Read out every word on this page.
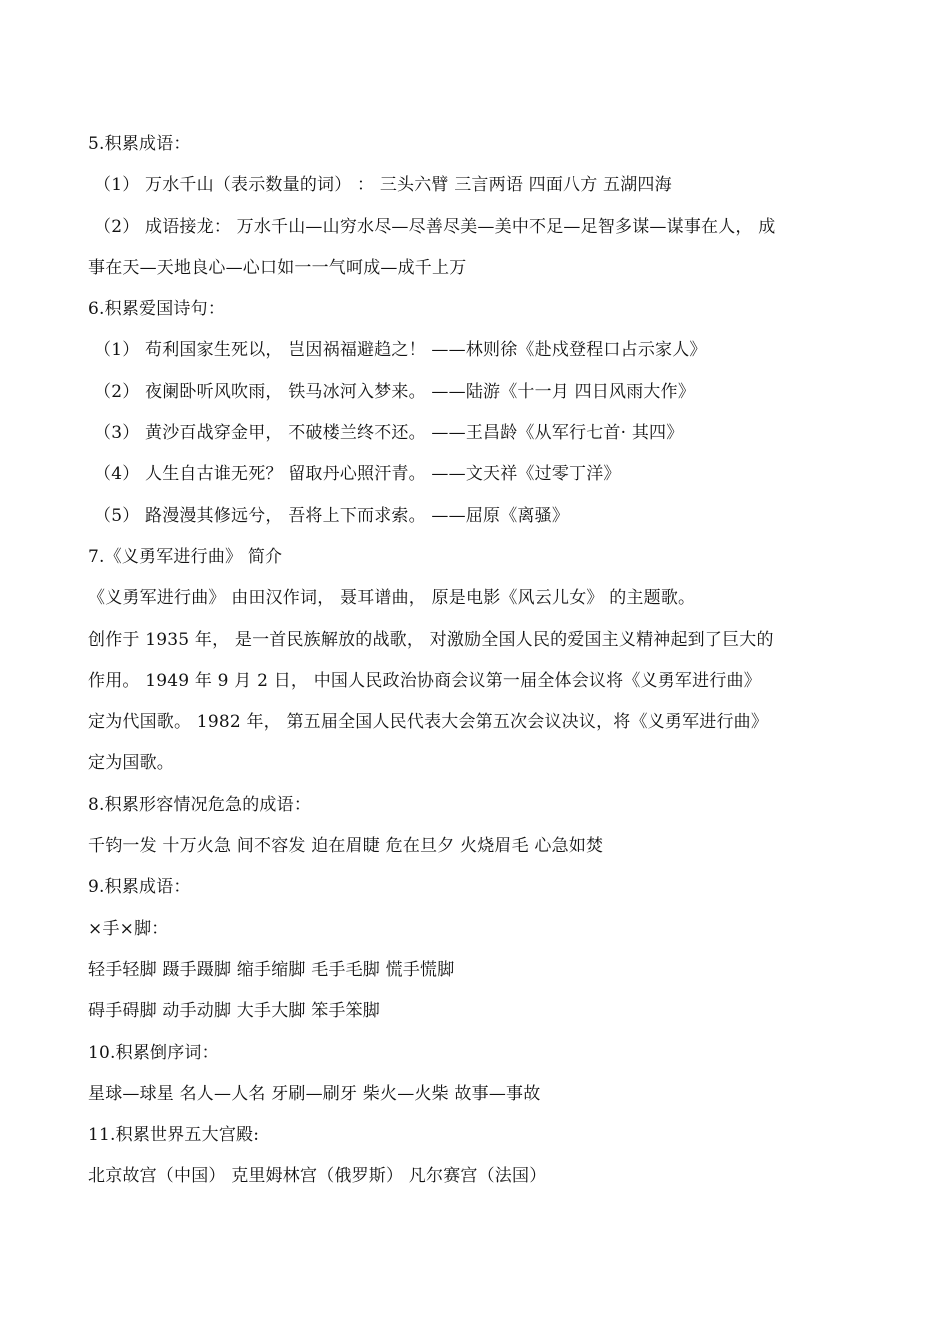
5.积累成语：
（1） 万水千山（表示数量的词） ： 三头六臂 三言两语 四面八方 五湖四海
（2） 成语接龙： 万水千山—山穷水尽—尽善尽美—美中不足—足智多谋—谋事在人， 成
事在天—天地良心—心口如一一气呵成—成千上万
6.积累爱国诗句：
（1） 苟利国家生死以， 岂因祸福避趋之！ ——林则徐《赴戍登程口占示家人》
（2） 夜阑卧听风吹雨， 铁马冰河入梦来。 ——陆游《十一月 四日风雨大作》
（3） 黄沙百战穿金甲， 不破楼兰终不还。 ——王昌龄《从军行七首· 其四》
（4） 人生自古谁无死？ 留取丹心照汗青。 ——文天祥《过零丁洋》
（5） 路漫漫其修远兮， 吾将上下而求索。 ——屈原《离骚》
7.《义勇军进行曲》 简介
《义勇军进行曲》 由田汉作词， 聂耳谱曲， 原是电影《风云儿女》 的主题歌。
创作于 1935 年， 是一首民族解放的战歌， 对激励全国人民的爱国主义精神起到了巨大的
作用。 1949 年 9 月 2 日， 中国人民政治协商会议第一届全体会议将《义勇军进行曲》
定为代国歌。 1982 年， 第五届全国人民代表大会第五次会议决议，将《义勇军进行曲》
定为国歌。
8.积累形容情况危急的成语：
千钧一发 十万火急 间不容发 迫在眉睫 危在旦夕 火烧眉毛 心急如焚
9.积累成语：
×手×脚：
轻手轻脚 蹑手蹑脚 缩手缩脚 毛手毛脚 慌手慌脚
碍手碍脚 动手动脚 大手大脚 笨手笨脚
10.积累倒序词：
星球—球星 名人—人名 牙刷—刷牙 柴火—火柴 故事—事故
11.积累世界五大宫殿:
北京故宫（中国） 克里姆林宫（俄罗斯） 凡尔赛宫（法国）
